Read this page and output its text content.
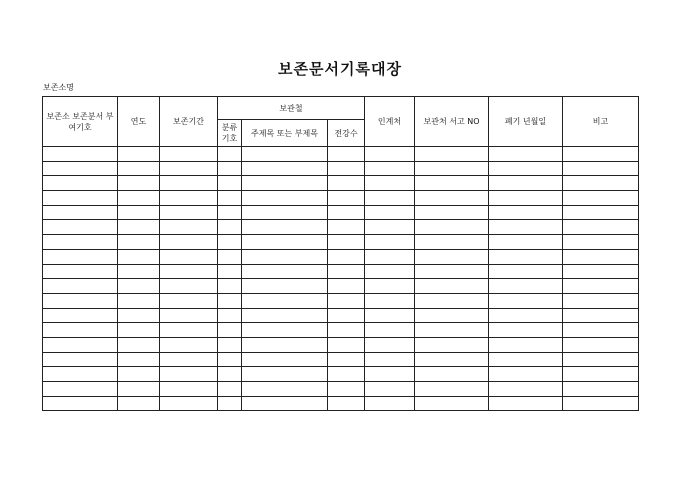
보존문서기록대장
보존소명
보존소 보존분서 부여기호	연도	보존기간	보관철			인계처	보관처 서고 NO	폐기 년월일	비고
			분류 기호	주제목 또는 부제목	전강수				
